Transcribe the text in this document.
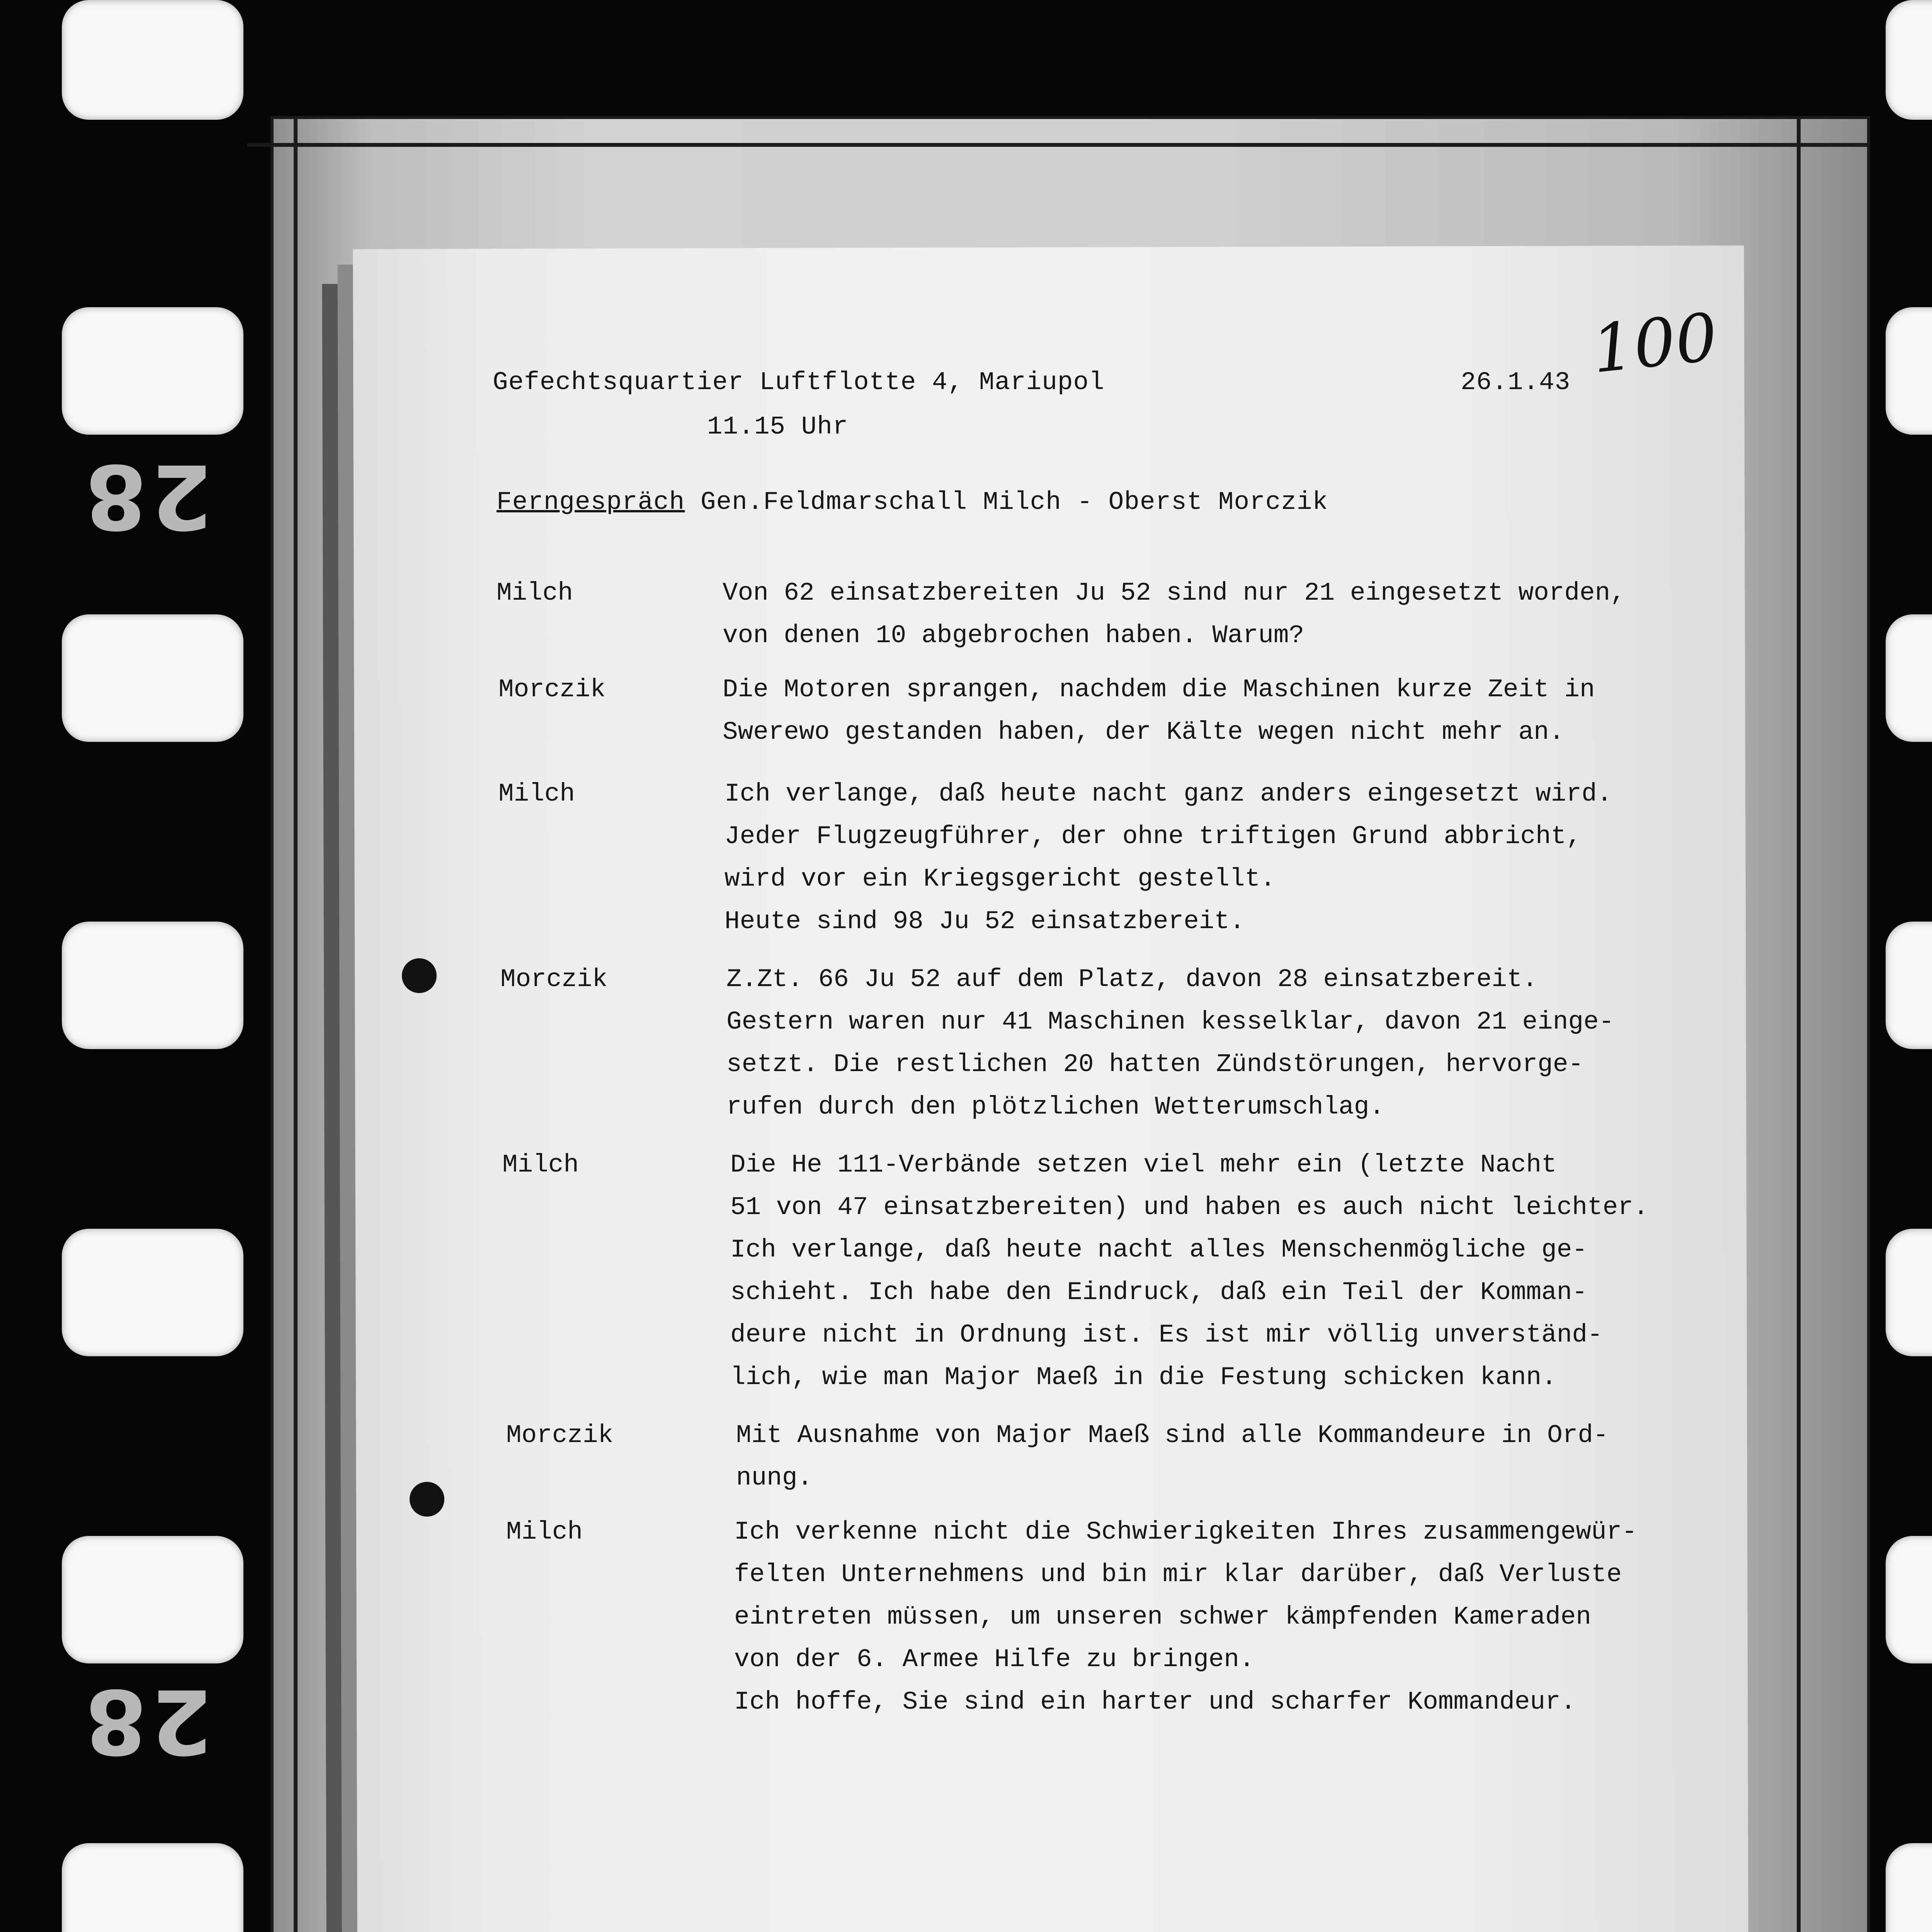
28
28
Gefechtsquartier Luftflotte 4, Mariupol
11.15 Uhr
26.1.43 100
Ferngespräch Gen.Feldmarschall Milch - Oberst Morczik
Milch	Von 62 einsatzbereiten Ju 52 sind nur 21 eingesetzt worden,
von denen 10 abgebrochen haben. Warum?
Morczik	Die Motoren sprangen, nachdem die Maschinen kurze Zeit in
Swerewo gestanden haben, der Kälte wegen nicht mehr an.
Milch	Ich verlange, daß heute nacht ganz anders eingesetzt wird.
Jeder Flugzeugführer, der ohne triftigen Grund abbricht,
wird vor ein Kriegsgericht gestellt.
Heute sind 98 Ju 52 einsatzbereit.
Morczik	Z.Zt. 66 Ju 52 auf dem Platz, davon 28 einsatzbereit.
Gestern waren nur 41 Maschinen kesselklar, davon 21 einge-
setzt. Die restlichen 20 hatten Zündstörungen, hervorge-
rufen durch den plötzlichen Wetterumschlag.
Milch	Die He 111-Verbände setzen viel mehr ein (letzte Nacht
51 von 47 einsatzbereiten) und haben es auch nicht leichter.
Ich verlange, daß heute nacht alles Menschenmögliche ge-
schieht. Ich habe den Eindruck, daß ein Teil der Komman-
deure nicht in Ordnung ist. Es ist mir völlig unverständ-
lich, wie man Major Maeß in die Festung schicken kann.
Morczik	Mit Ausnahme von Major Maeß sind alle Kommandeure in Ord-
nung.
Milch	Ich verkenne nicht die Schwierigkeiten Ihres zusammengewür-
felten Unternehmens und bin mir klar darüber, daß Verluste
eintreten müssen, um unseren schwer kämpfenden Kameraden
von der 6. Armee Hilfe zu bringen.
Ich hoffe, Sie sind ein harter und scharfer Kommandeur.
